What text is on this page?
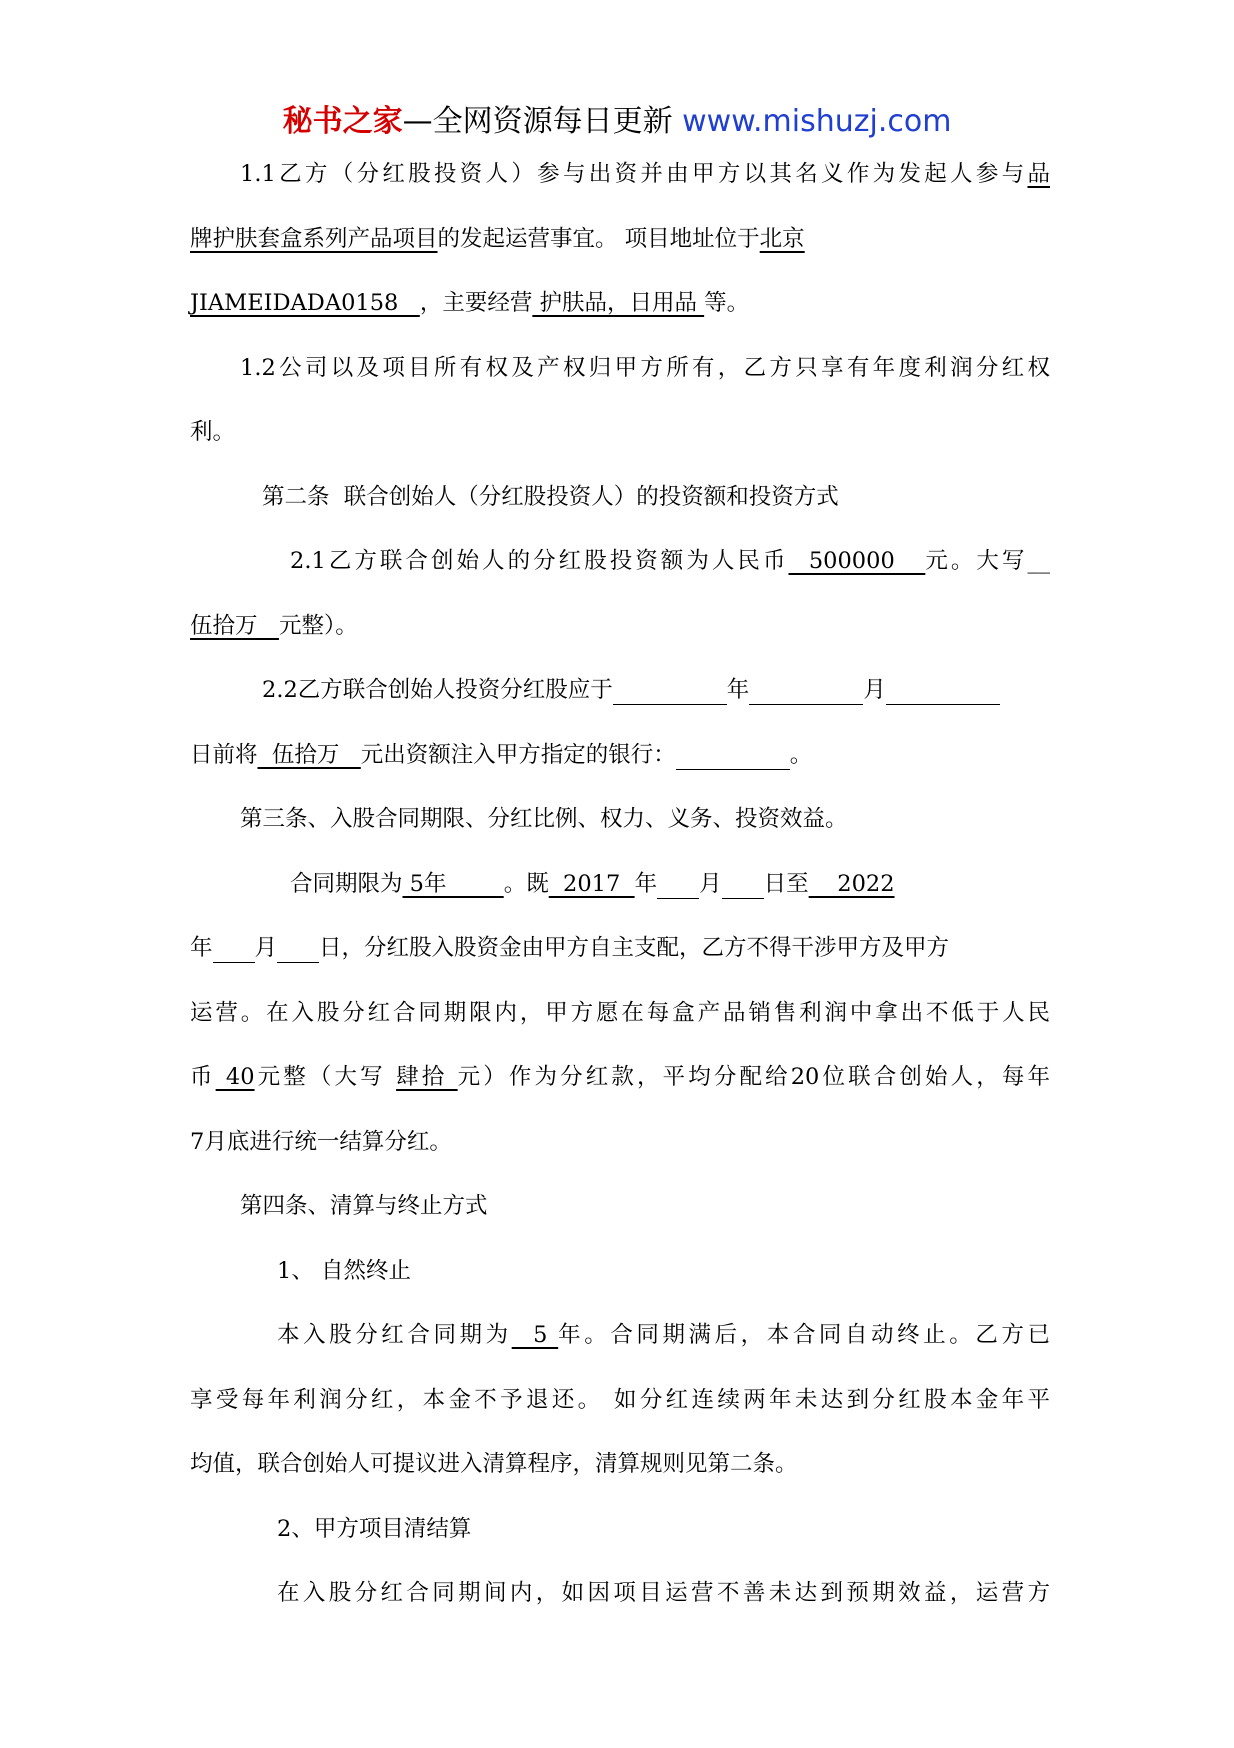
秘书之家—全网资源每日更新 www.mishuzj.com
1.1乙方（分红股投资人）参与出资并由甲方以其名义作为发起人参与品
牌护肤套盒系列产品项目的发起运营事宜。 项目地址位于北京
JIAMEIDADA0158   ，主要经营 护肤品，日用品 等。
1.2公司以及项目所有权及产权归甲方所有，乙方只享有年度利润分红权
利。
第二条  联合创始人（分红股投资人）的投资额和投资方式
2.1乙方联合创始人的分红股投资额为人民币  500000   元。大写__
伍拾万   元整）。
2.2乙方联合创始人投资分红股应于	年	月
日前将  伍拾万   元出资额注入甲方指定的银行：	。
第三条、入股合同期限、分红比例、权力、义务、投资效益。
合同期限为 5年        。既  2017  年 月 日至    2022
年 月 日，分红股入股资金由甲方自主支配，乙方不得干涉甲方及甲方
运营。在入股分红合同期限内，甲方愿在每盒产品销售利润中拿出不低于人民
币 40元整（大写 肆拾 元）作为分红款，平均分配给20位联合创始人，每年
7月底进行统一结算分红。
第四条、清算与终止方式
1、 自然终止
本入股分红合同期为  5 年。合同期满后，本合同自动终止。乙方已
享受每年利润分红，本金不予退还。 如分红连续两年未达到分红股本金年平
均值，联合创始人可提议进入清算程序，清算规则见第二条。
2、甲方项目清结算
在入股分红合同期间内，如因项目运营不善未达到预期效益，运营方
